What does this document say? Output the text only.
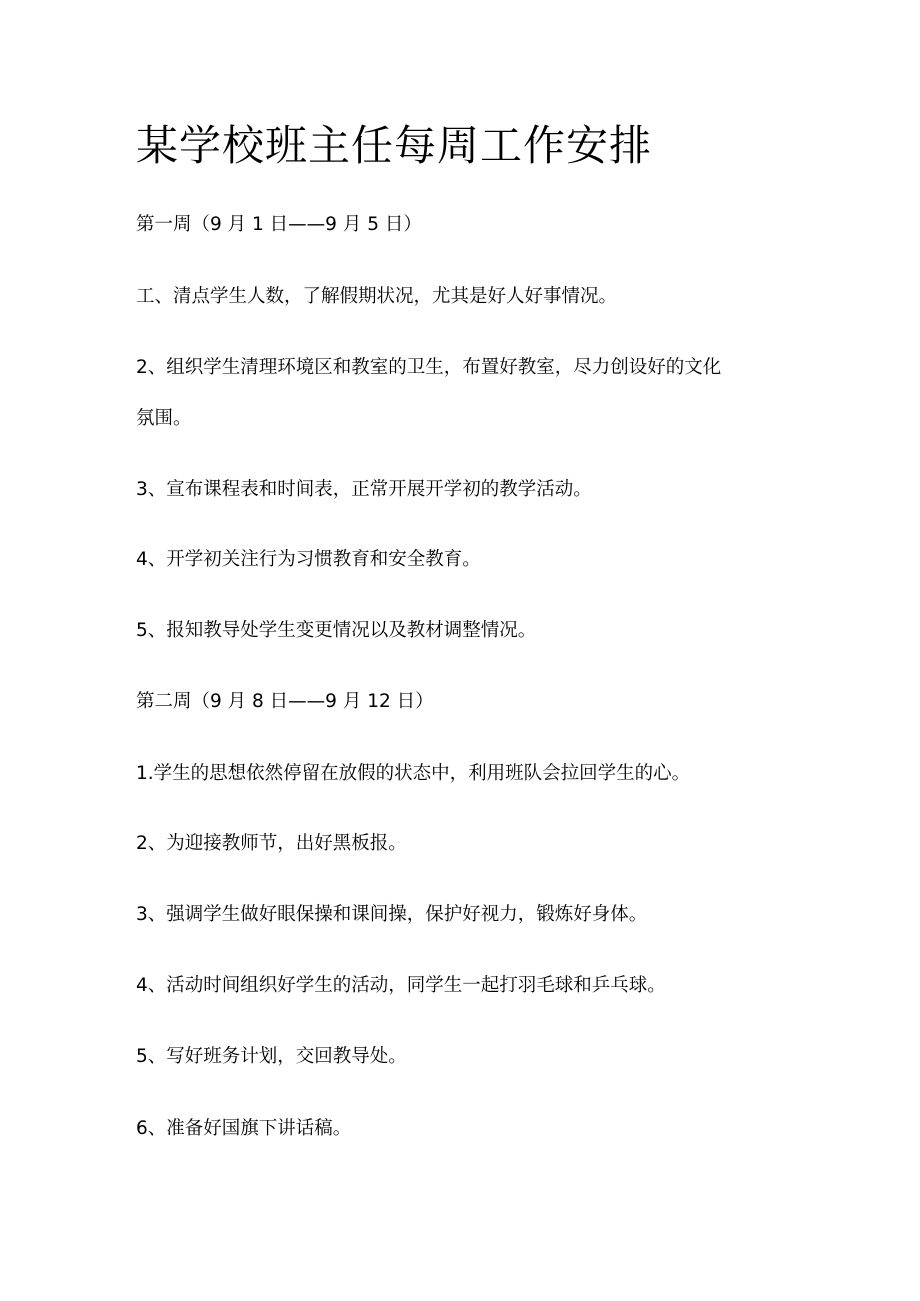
某学校班主任每周工作安排

第一周（9 月 1 日——9 月 5 日）

工、清点学生人数，了解假期状况，尤其是好人好事情况。

2、组织学生清理环境区和教室的卫生，布置好教室，尽力创设好的文化

氛围。

3、宣布课程表和时间表，正常开展开学初的教学活动。

4、开学初关注行为习惯教育和安全教育。

5、报知教导处学生变更情况以及教材调整情况。

第二周（9 月 8 日——9 月 12 日）

1.学生的思想依然停留在放假的状态中，利用班队会拉回学生的心。

2、为迎接教师节，出好黑板报。

3、强调学生做好眼保操和课间操，保护好视力，锻炼好身体。

4、活动时间组织好学生的活动，同学生一起打羽毛球和乒乓球。

5、写好班务计划，交回教导处。

6、准备好国旗下讲话稿。
